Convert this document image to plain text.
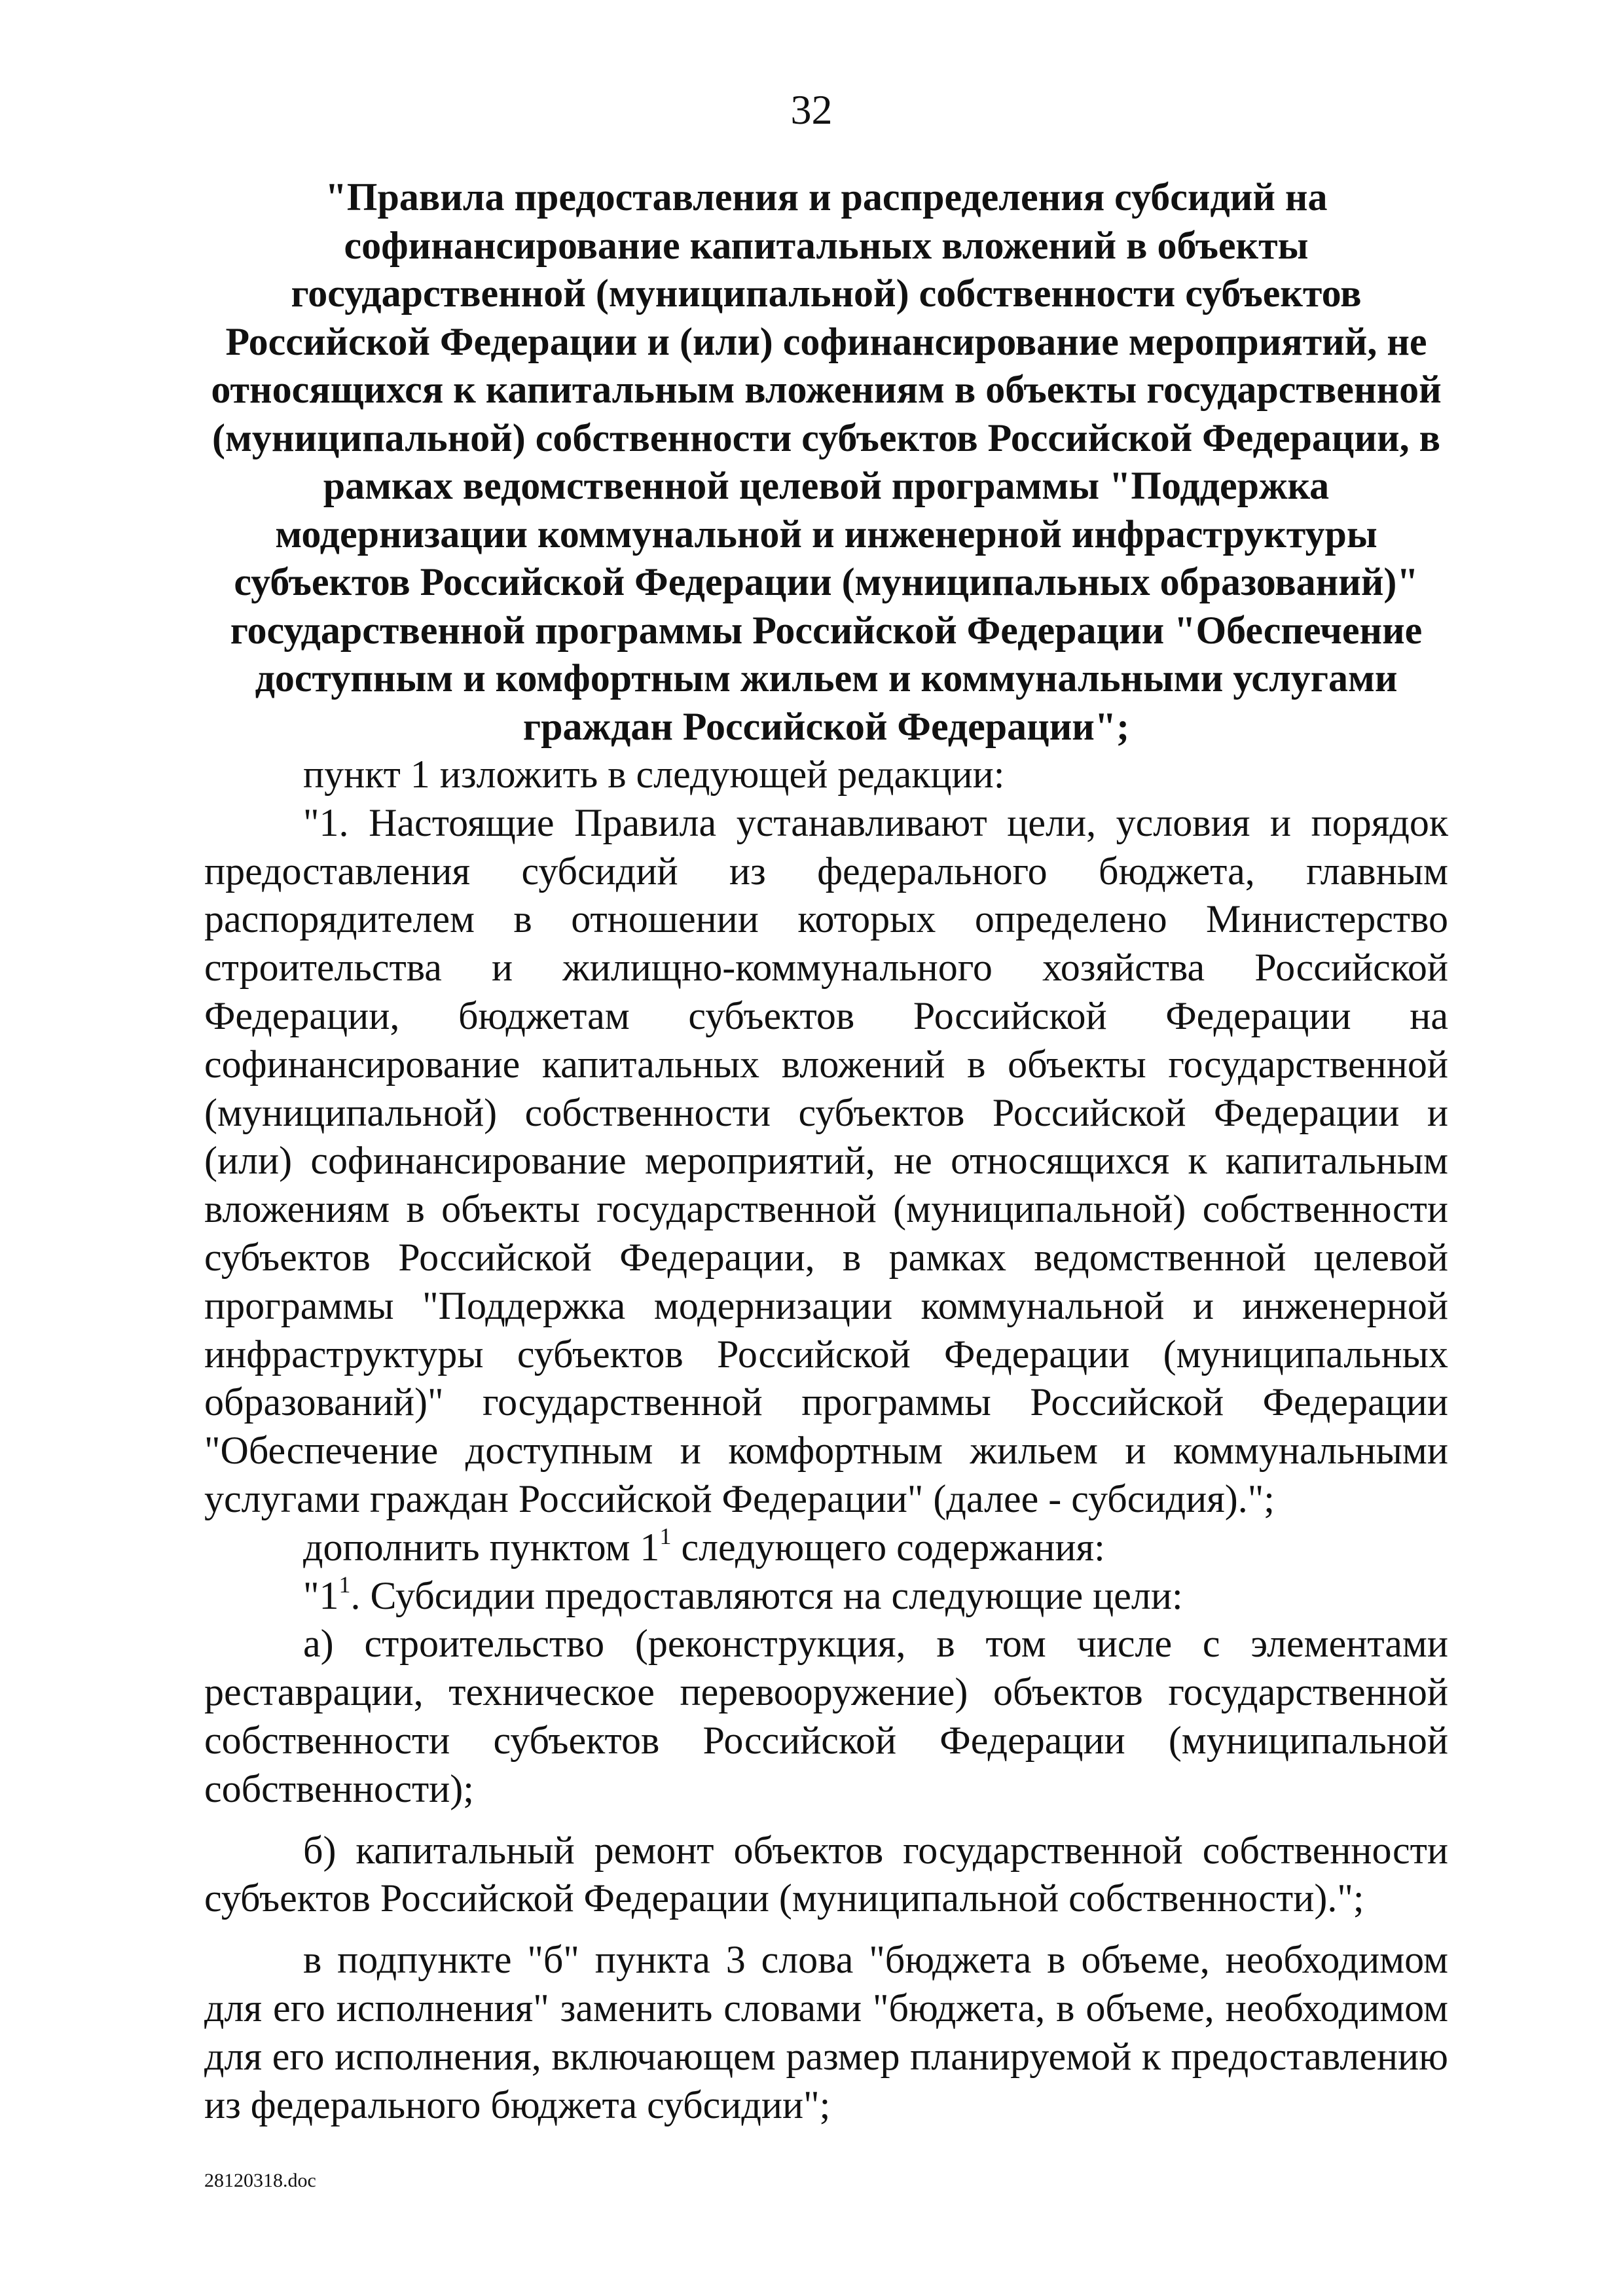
32

"Правила предоставления и распределения субсидий на софинансирование капитальных вложений в объекты государственной (муниципальной) собственности субъектов Российской Федерации и (или) софинансирование мероприятий, не относящихся к капитальным вложениям в объекты государственной (муниципальной) собственности субъектов Российской Федерации, в рамках ведомственной целевой программы "Поддержка модернизации коммунальной и инженерной инфраструктуры субъектов Российской Федерации (муниципальных образований)" государственной программы Российской Федерации "Обеспечение доступным и комфортным жильем и коммунальными услугами граждан Российской Федерации";

пункт 1 изложить в следующей редакции:

"1. Настоящие Правила устанавливают цели, условия и порядок предоставления субсидий из федерального бюджета, главным распорядителем в отношении которых определено Министерство строительства и жилищно-коммунального хозяйства Российской Федерации, бюджетам субъектов Российской Федерации на софинансирование капитальных вложений в объекты государственной (муниципальной) собственности субъектов Российской Федерации и (или) софинансирование мероприятий, не относящихся к капитальным вложениям в объекты государственной (муниципальной) собственности субъектов Российской Федерации, в рамках ведомственной целевой программы "Поддержка модернизации коммунальной и инженерной инфраструктуры субъектов Российской Федерации (муниципальных образований)" государственной программы Российской Федерации "Обеспечение доступным и комфортным жильем и коммунальными услугами граждан Российской Федерации" (далее - субсидия).";

дополнить пунктом $1^1$ следующего содержания:

"$1^1$. Субсидии предоставляются на следующие цели:

а) строительство (реконструкция, в том числе с элементами реставрации, техническое перевооружение) объектов государственной собственности субъектов Российской Федерации (муниципальной собственности);

б) капитальный ремонт объектов государственной собственности субъектов Российской Федерации (муниципальной собственности).";

в подпункте "б" пункта 3 слова "бюджета в объеме, необходимом для его исполнения" заменить словами "бюджета, в объеме, необходимом для его исполнения, включающем размер планируемой к предоставлению из федерального бюджета субсидии";

28120318.doc
